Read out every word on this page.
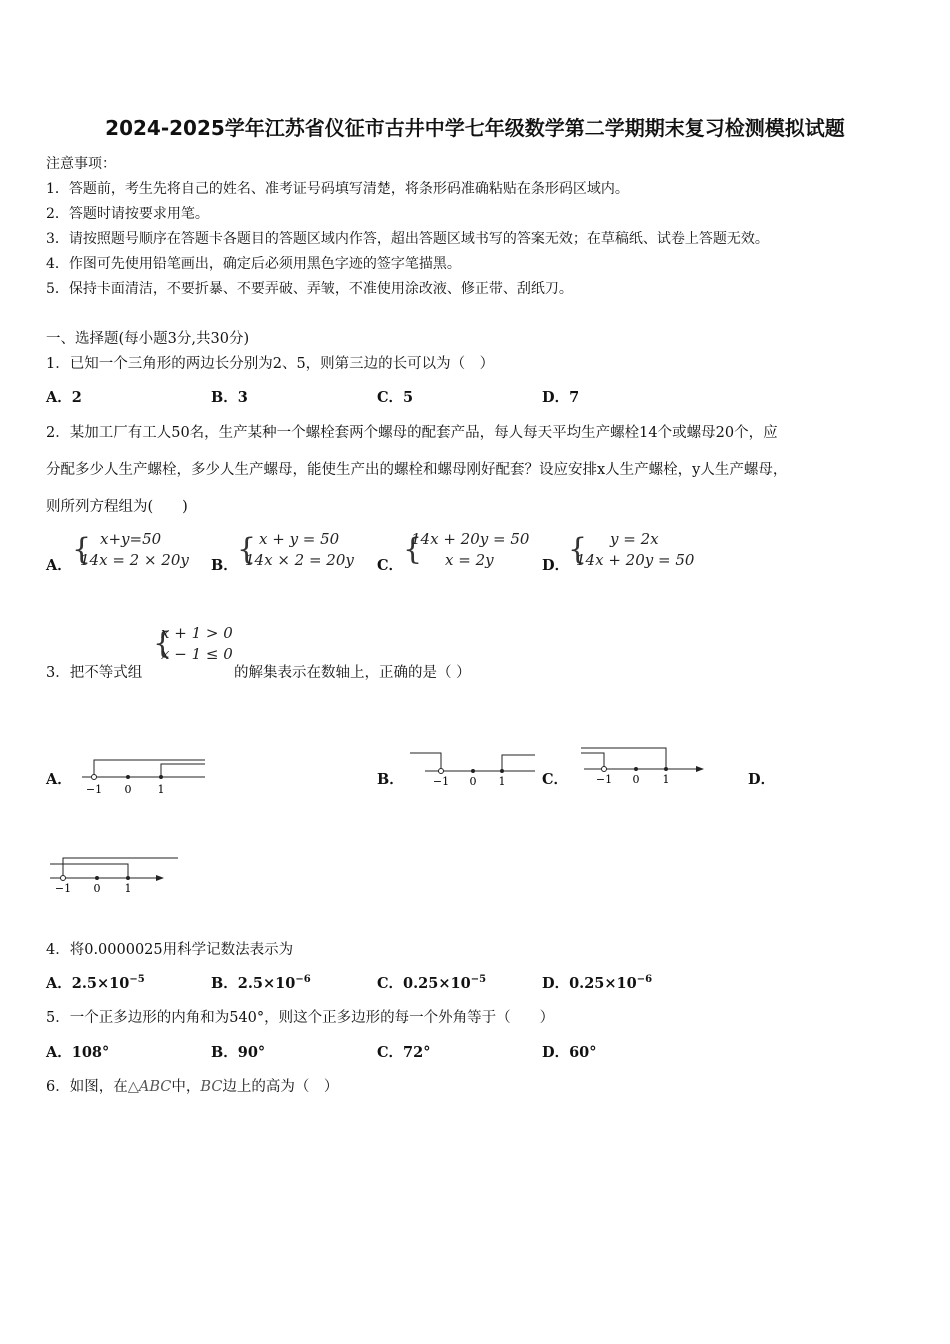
2024-2025学年江苏省仪征市古井中学七年级数学第二学期期末复习检测模拟试题
注意事项：
1．答题前，考生先将自己的姓名、准考证号码填写清楚，将条形码准确粘贴在条形码区域内。
2．答题时请按要求用笔。
3．请按照题号顺序在答题卡各题目的答题区域内作答，超出答题区域书写的答案无效；在草稿纸、试卷上答题无效。
4．作图可先使用铅笔画出，确定后必须用黑色字迹的签字笔描黑。
5．保持卡面清洁，不要折暴、不要弄破、弄皱，不准使用涂改液、修正带、刮纸刀。
一、选择题(每小题3分,共30分)
1．已知一个三角形的两边长分别为2、5，则第三边的长可以为（　）
A．2	B．3	C．5	D．7
2．某加工厂有工人50名，生产某种一个螺栓套两个螺母的配套产品，每人每天平均生产螺栓14个或螺母20个，应
分配多少人生产螺栓，多少人生产螺母，能使生产出的螺栓和螺母刚好配套？设应安排x人生产螺栓，y人生产螺母，
则所列方程组为(　　)
A． { x+y=50
14x = 2 × 20y B． { x + y = 50
14x × 2 = 20y C． {
14x + 20y = 50
x = 2y	D．
{ y = 2x
14x + 20y = 50
{
x + 1 > 0
x − 1 ≤ 0
3．把不等式组	的解集表示在数轴上，正确的是（ ）
A．
−1 0 1
B．	−1 0 1	C．	−1 0 1	D．
−1 0 1
4．将0.0000025用科学记数法表示为
A．$2.5\times 10^{-5}$	B．$2.5\times 10^{-6}$	C．$0.25\times 10^{-5}$	D．$0.25\times 10^{-6}$
5．一个正多边形的内角和为540°，则这个正多边形的每一个外角等于（　　）
A．108°	B．90°	C．72°	D．60°
6．如图，在△ABC中，BC边上的高为（　）
